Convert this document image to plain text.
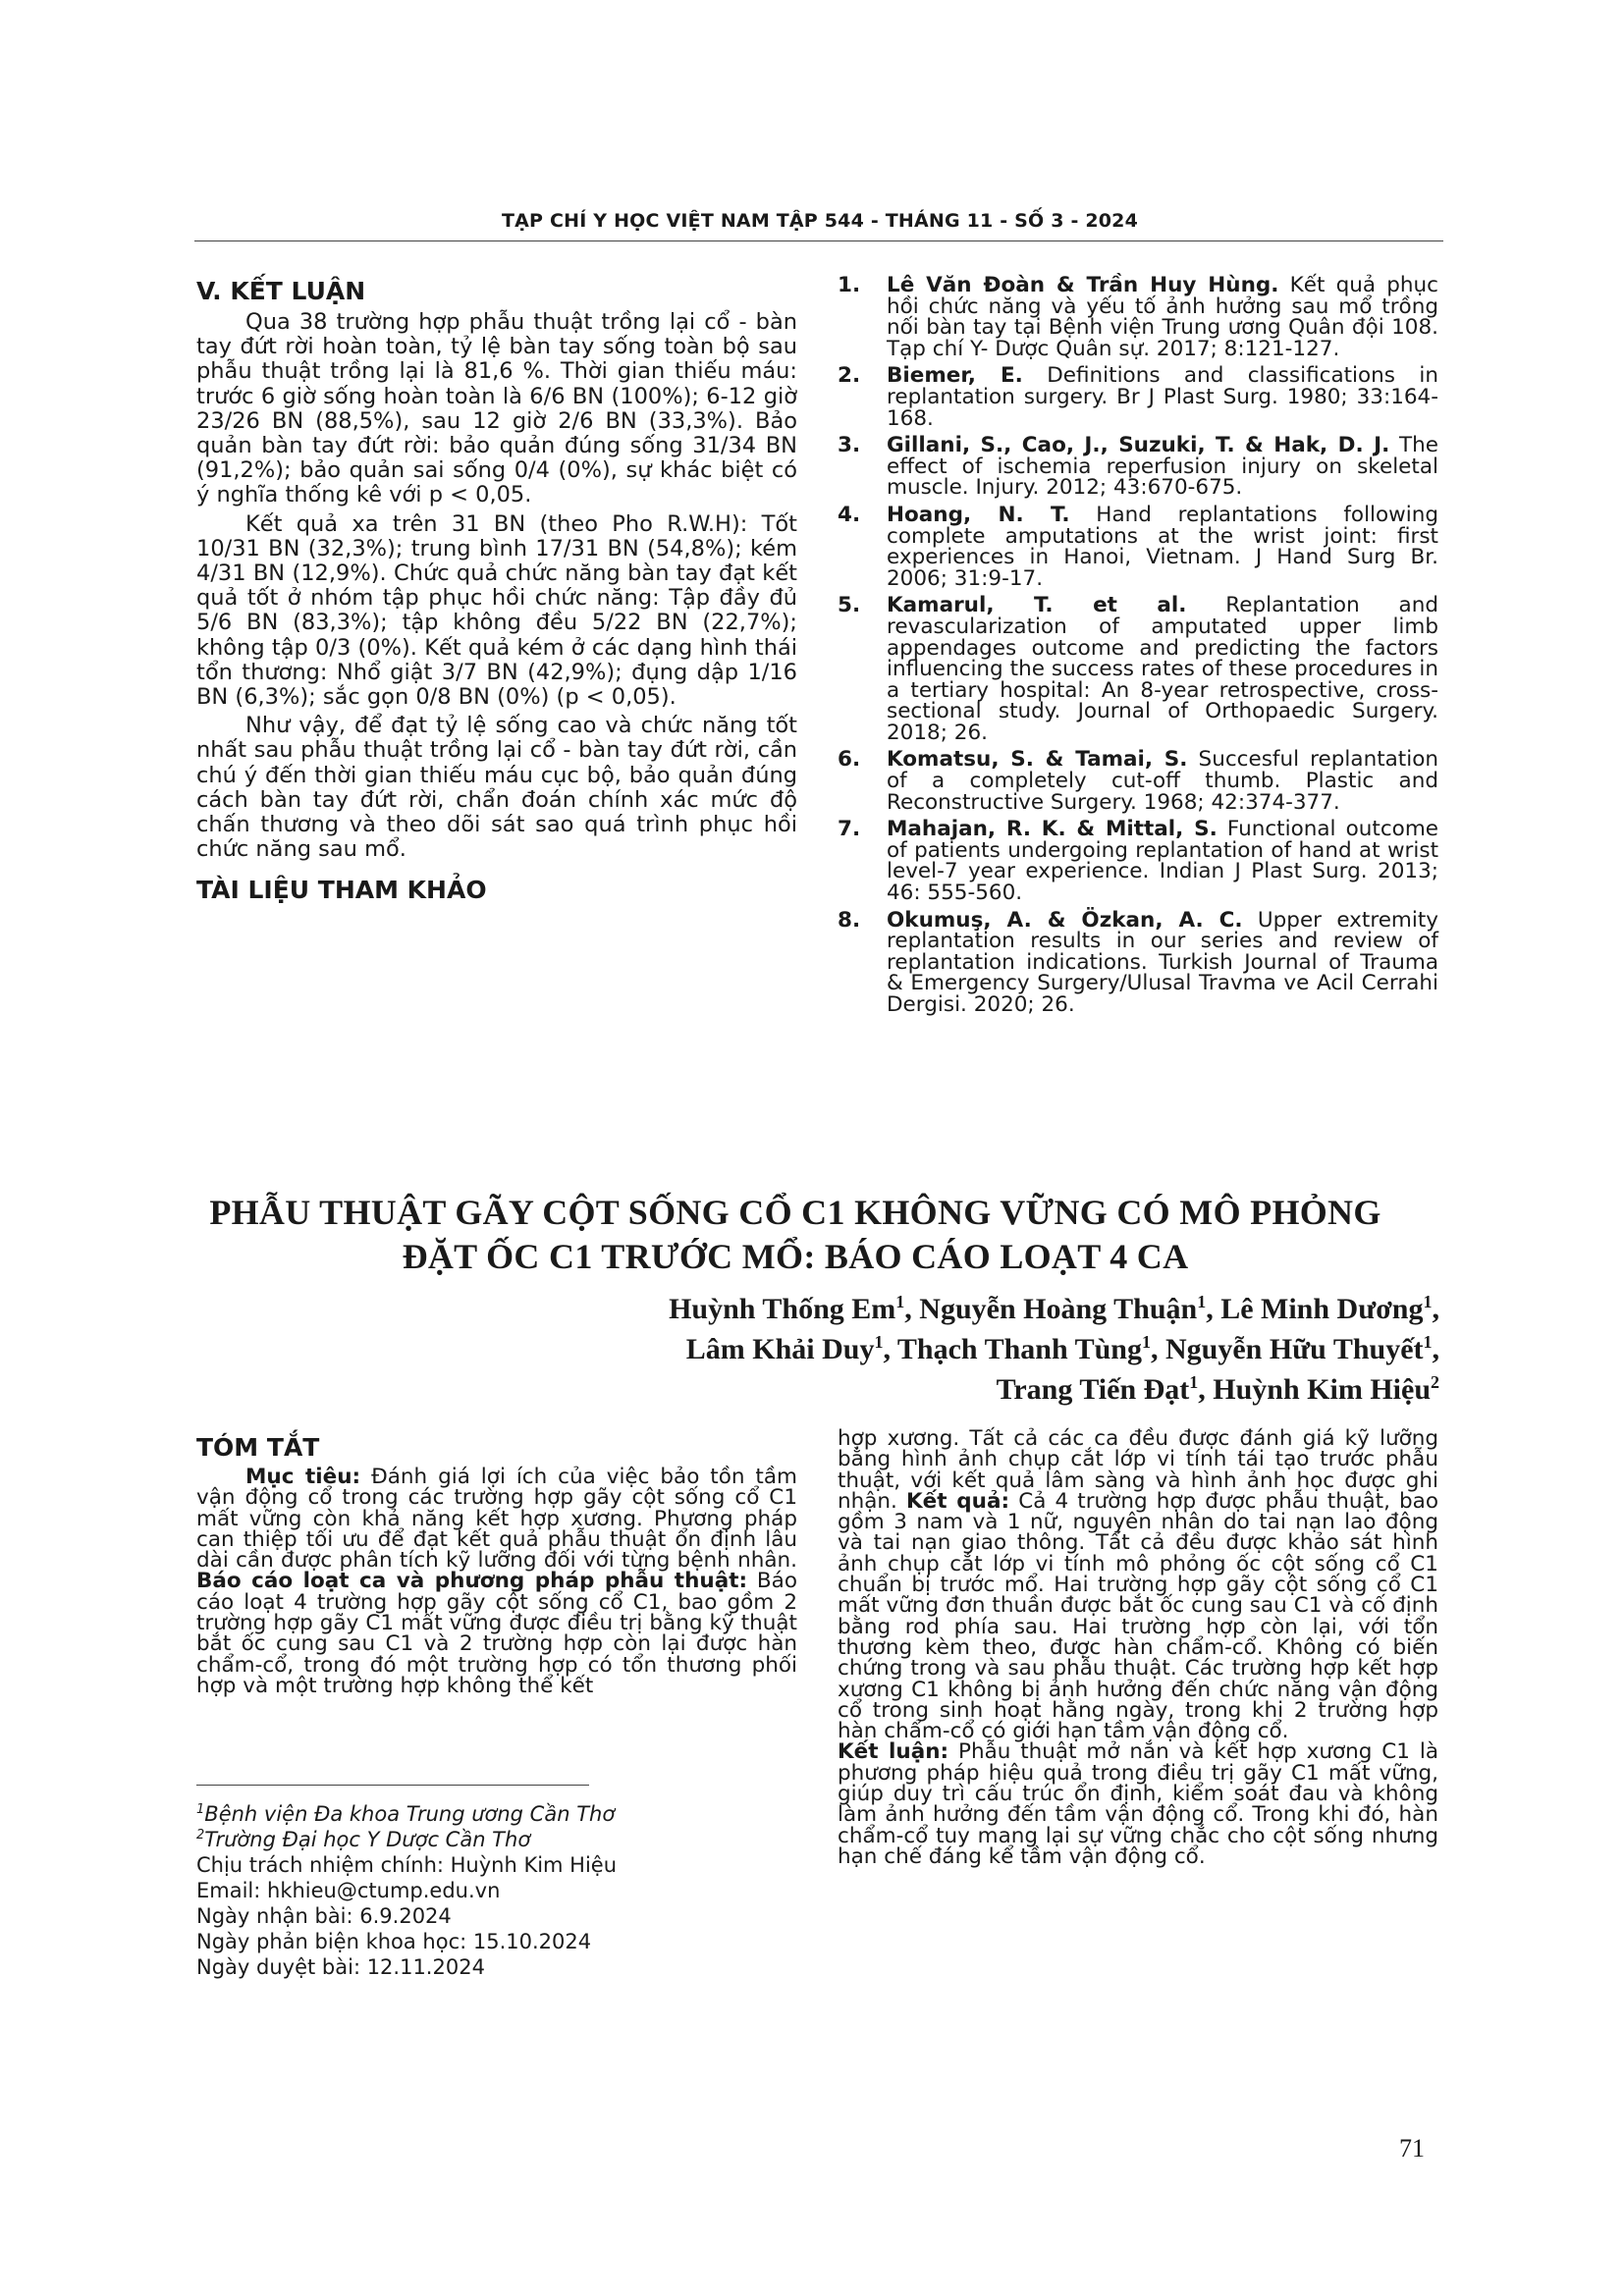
TẠP CHÍ Y HỌC VIỆT NAM TẬP 544 - THÁNG 11 - SỐ 3 - 2024
V. KẾT LUẬN

Qua 38 trường hợp phẫu thuật trồng lại cổ - bàn tay đứt rời hoàn toàn, tỷ lệ bàn tay sống toàn bộ sau phẫu thuật trồng lại là 81,6 %. Thời gian thiếu máu: trước 6 giờ sống hoàn toàn là 6/6 BN (100%); 6-12 giờ 23/26 BN (88,5%), sau 12 giờ 2/6 BN (33,3%). Bảo quản bàn tay đứt rời: bảo quản đúng sống 31/34 BN (91,2%); bảo quản sai sống 0/4 (0%), sự khác biệt có ý nghĩa thống kê với p < 0,05.

Kết quả xa trên 31 BN (theo Pho R.W.H): Tốt 10/31 BN (32,3%); trung bình 17/31 BN (54,8%); kém 4/31 BN (12,9%). Chức quả chức năng bàn tay đạt kết quả tốt ở nhóm tập phục hồi chức năng: Tập đầy đủ 5/6 BN (83,3%); tập không đều 5/22 BN (22,7%); không tập 0/3 (0%). Kết quả kém ở các dạng hình thái tổn thương: Nhổ giật 3/7 BN (42,9%); đụng dập 1/16 BN (6,3%); sắc gọn 0/8 BN (0%) (p < 0,05).

Như vậy, để đạt tỷ lệ sống cao và chức năng tốt nhất sau phẫu thuật trồng lại cổ - bàn tay đứt rời, cần chú ý đến thời gian thiếu máu cục bộ, bảo quản đúng cách bàn tay đứt rời, chẩn đoán chính xác mức độ chấn thương và theo dõi sát sao quá trình phục hồi chức năng sau mổ.

TÀI LIỆU THAM KHẢO
1. Lê Văn Đoàn & Trần Huy Hùng. Kết quả phục hồi chức năng và yếu tố ảnh hưởng sau mổ trồng nối bàn tay tại Bệnh viện Trung ương Quân đội 108. Tạp chí Y- Dược Quân sự. 2017; 8:121-127.
2. Biemer, E. Definitions and classifications in replantation surgery. Br J Plast Surg. 1980; 33:164-168.
3. Gillani, S., Cao, J., Suzuki, T. & Hak, D. J. The effect of ischemia reperfusion injury on skeletal muscle. Injury. 2012; 43:670-675.
4. Hoang, N. T. Hand replantations following complete amputations at the wrist joint: first experiences in Hanoi, Vietnam. J Hand Surg Br. 2006; 31:9-17.
5. Kamarul, T. et al. Replantation and revascularization of amputated upper limb appendages outcome and predicting the factors influencing the success rates of these procedures in a tertiary hospital: An 8-year retrospective, cross-sectional study. Journal of Orthopaedic Surgery. 2018; 26.
6. Komatsu, S. & Tamai, S. Succesful replantation of a completely cut-off thumb. Plastic and Reconstructive Surgery. 1968; 42:374-377.
7. Mahajan, R. K. & Mittal, S. Functional outcome of patients undergoing replantation of hand at wrist level-7 year experience. Indian J Plast Surg. 2013; 46: 555-560.
8. Okumuş, A. & Özkan, A. C. Upper extremity replantation results in our series and review of replantation indications. Turkish Journal of Trauma & Emergency Surgery/Ulusal Travma ve Acil Cerrahi Dergisi. 2020; 26.
PHẪU THUẬT GÃY CỘT SỐNG CỔ C1 KHÔNG VỮNG CÓ MÔ PHỎNG
ĐẶT ỐC C1 TRƯỚC MỔ: BÁO CÁO LOẠT 4 CA
Huỳnh Thống Em$^1$, Nguyễn Hoàng Thuận$^1$, Lê Minh Dương$^1$,
Lâm Khải Duy$^1$, Thạch Thanh Tùng$^1$, Nguyễn Hữu Thuyết$^1$,
Trang Tiến Đạt$^1$, Huỳnh Kim Hiệu$^2$
TÓM TẮT

Mục tiêu: Đánh giá lợi ích của việc bảo tồn tầm vận động cổ trong các trường hợp gãy cột sống cổ C1 mất vững còn khả năng kết hợp xương. Phương pháp can thiệp tối ưu để đạt kết quả phẫu thuật ổn định lâu dài cần được phân tích kỹ lưỡng đối với từng bệnh nhân. Báo cáo loạt ca và phương pháp phẫu thuật: Báo cáo loạt 4 trường hợp gãy cột sống cổ C1, bao gồm 2 trường hợp gãy C1 mất vững được điều trị bằng kỹ thuật bắt ốc cung sau C1 và 2 trường hợp còn lại được hàn chẩm-cổ, trong đó một trường hợp có tổn thương phối hợp và một trường hợp không thể kết

hợp xương. Tất cả các ca đều được đánh giá kỹ lưỡng bằng hình ảnh chụp cắt lớp vi tính tái tạo trước phẫu thuật, với kết quả lâm sàng và hình ảnh học được ghi nhận. Kết quả: Cả 4 trường hợp được phẫu thuật, bao gồm 3 nam và 1 nữ, nguyên nhân do tai nạn lao động và tai nạn giao thông. Tất cả đều được khảo sát hình ảnh chụp cắt lớp vi tính mô phỏng ốc cột sống cổ C1 chuẩn bị trước mổ. Hai trường hợp gãy cột sống cổ C1 mất vững đơn thuần được bắt ốc cung sau C1 và cố định bằng rod phía sau. Hai trường hợp còn lại, với tổn thương kèm theo, được hàn chẩm-cổ. Không có biến chứng trong và sau phẫu thuật. Các trường hợp kết hợp xương C1 không bị ảnh hưởng đến chức năng vận động cổ trong sinh hoạt hằng ngày, trong khi 2 trường hợp hàn chẩm-cổ có giới hạn tầm vận động cổ.

Kết luận: Phẫu thuật mở nắn và kết hợp xương C1 là phương pháp hiệu quả trong điều trị gãy C1 mất vững, giúp duy trì cấu trúc ổn định, kiểm soát đau và không làm ảnh hưởng đến tầm vận động cổ. Trong khi đó, hàn chẩm-cổ tuy mang lại sự vững chắc cho cột sống nhưng hạn chế đáng kể tầm vận động cổ.

$^1$Bệnh viện Đa khoa Trung ương Cần Thơ
$^2$Trường Đại học Y Dược Cần Thơ
Chịu trách nhiệm chính: Huỳnh Kim Hiệu
Email: hkhieu@ctump.edu.vn
Ngày nhận bài: 6.9.2024
Ngày phản biện khoa học: 15.10.2024
Ngày duyệt bài: 12.11.2024
71
